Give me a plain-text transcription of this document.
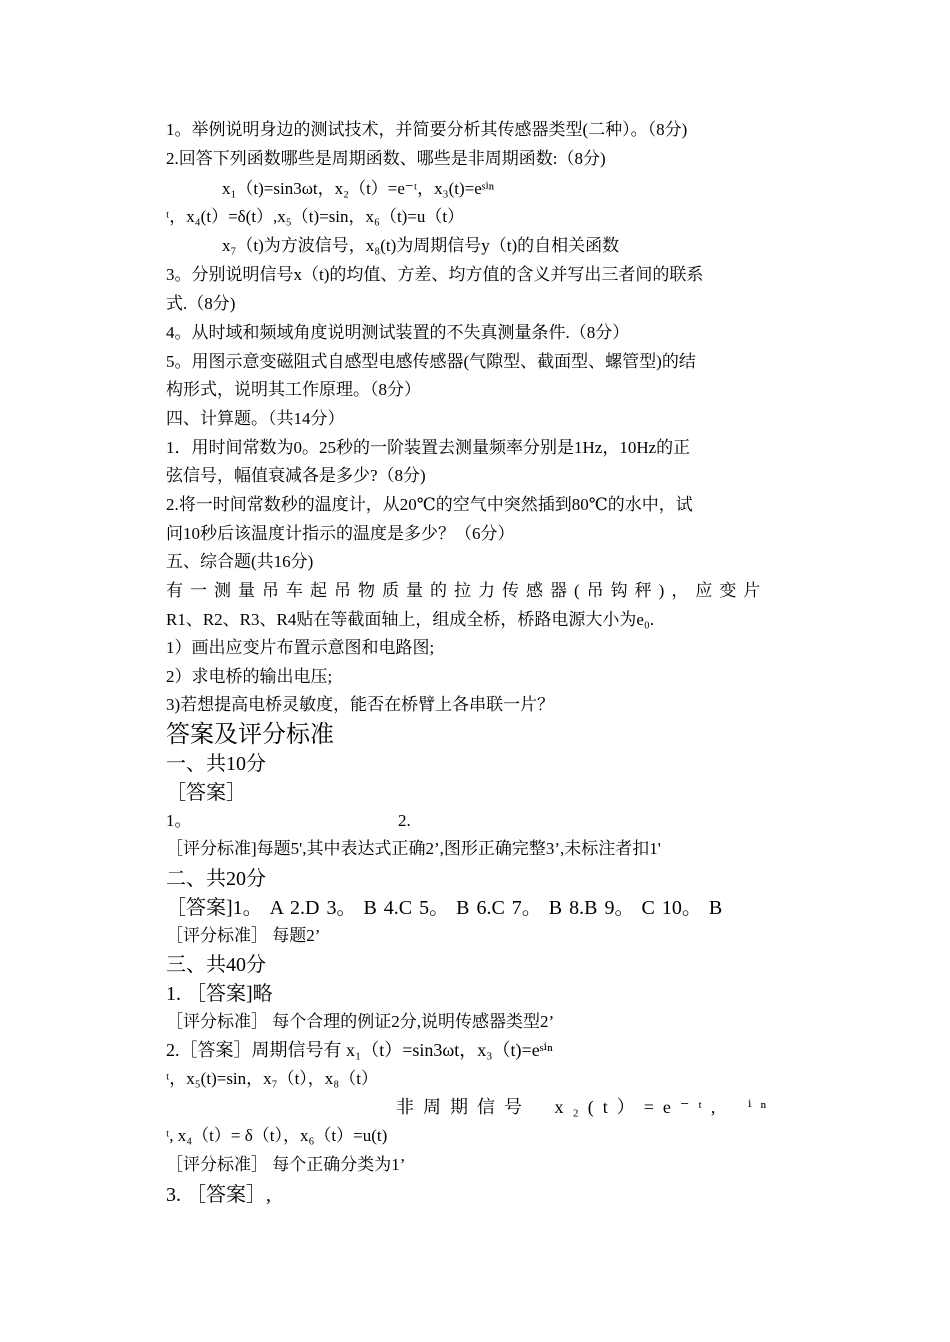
1。举例说明身边的测试技术，并简要分析其传感器类型(二种）。（8分)
2.回答下列函数哪些是周期函数、哪些是非周期函数:（8分)
x₁（t)=sin3ωt，x₂（t）=e⁻ᵗ，x₃(t)=eˢⁱⁿ
ᵗ，x₄(t）=δ(t）,x₅（t)=sin，x₆（t)=u（t）
x₇（t)为方波信号，x₈(t)为周期信号y（t)的自相关函数
3。分别说明信号x（t)的均值、方差、均方值的含义并写出三者间的联系
式.（8分)
4。从时域和频域角度说明测试装置的不失真测量条件.（8分）
5。用图示意变磁阻式自感型电感传感器(气隙型、截面型、螺管型)的结
构形式，说明其工作原理。（8分）
四、计算题。（共14分）
1．用时间常数为0。25秒的一阶装置去测量频率分别是1Hz，10Hz的正
弦信号，幅值衰减各是多少?（8分)
2.将一时间常数秒的温度计，从20℃的空气中突然插到80℃的水中，试
问10秒后该温度计指示的温度是多少？（6分）
五、综合题(共16分)
有一测量吊车起吊物质量的拉力传感器(吊钩秤)，应变片
R1、R2、R3、R4贴在等截面轴上，组成全桥，桥路电源大小为e₀.
1）画出应变片布置示意图和电路图;
2）求电桥的输出电压;
3)若想提高电桥灵敏度，能否在桥臂上各串联一片？
答案及评分标准
一、共10分
［答案］
1。	2.
［评分标准]每题5',其中表达式正确2’,图形正确完整3’,未标注者扣1'
二、共20分
［答案]1。 A 2.D 3。 B 4.C 5。 B 6.C 7。 B 8.B 9。 C 10。 B
［评分标准］ 每题2’
三、共40分
1. ［答案]略
［评分标准］ 每个合理的例证2分,说明传感器类型2’
2.［答案］周期信号有 x₁（t）=sin3ωt，x₃（t)=eˢⁱⁿ
ᵗ，x₅(t)=sin，x₇（t），x₈（t）
非周期信号 x₂(t）=e⁻ᵗ, ⁱⁿ
ᵗ, x₄（t）= δ（t），x₆（t）=u(t)
［评分标准］ 每个正确分类为1’
3. ［答案］,
